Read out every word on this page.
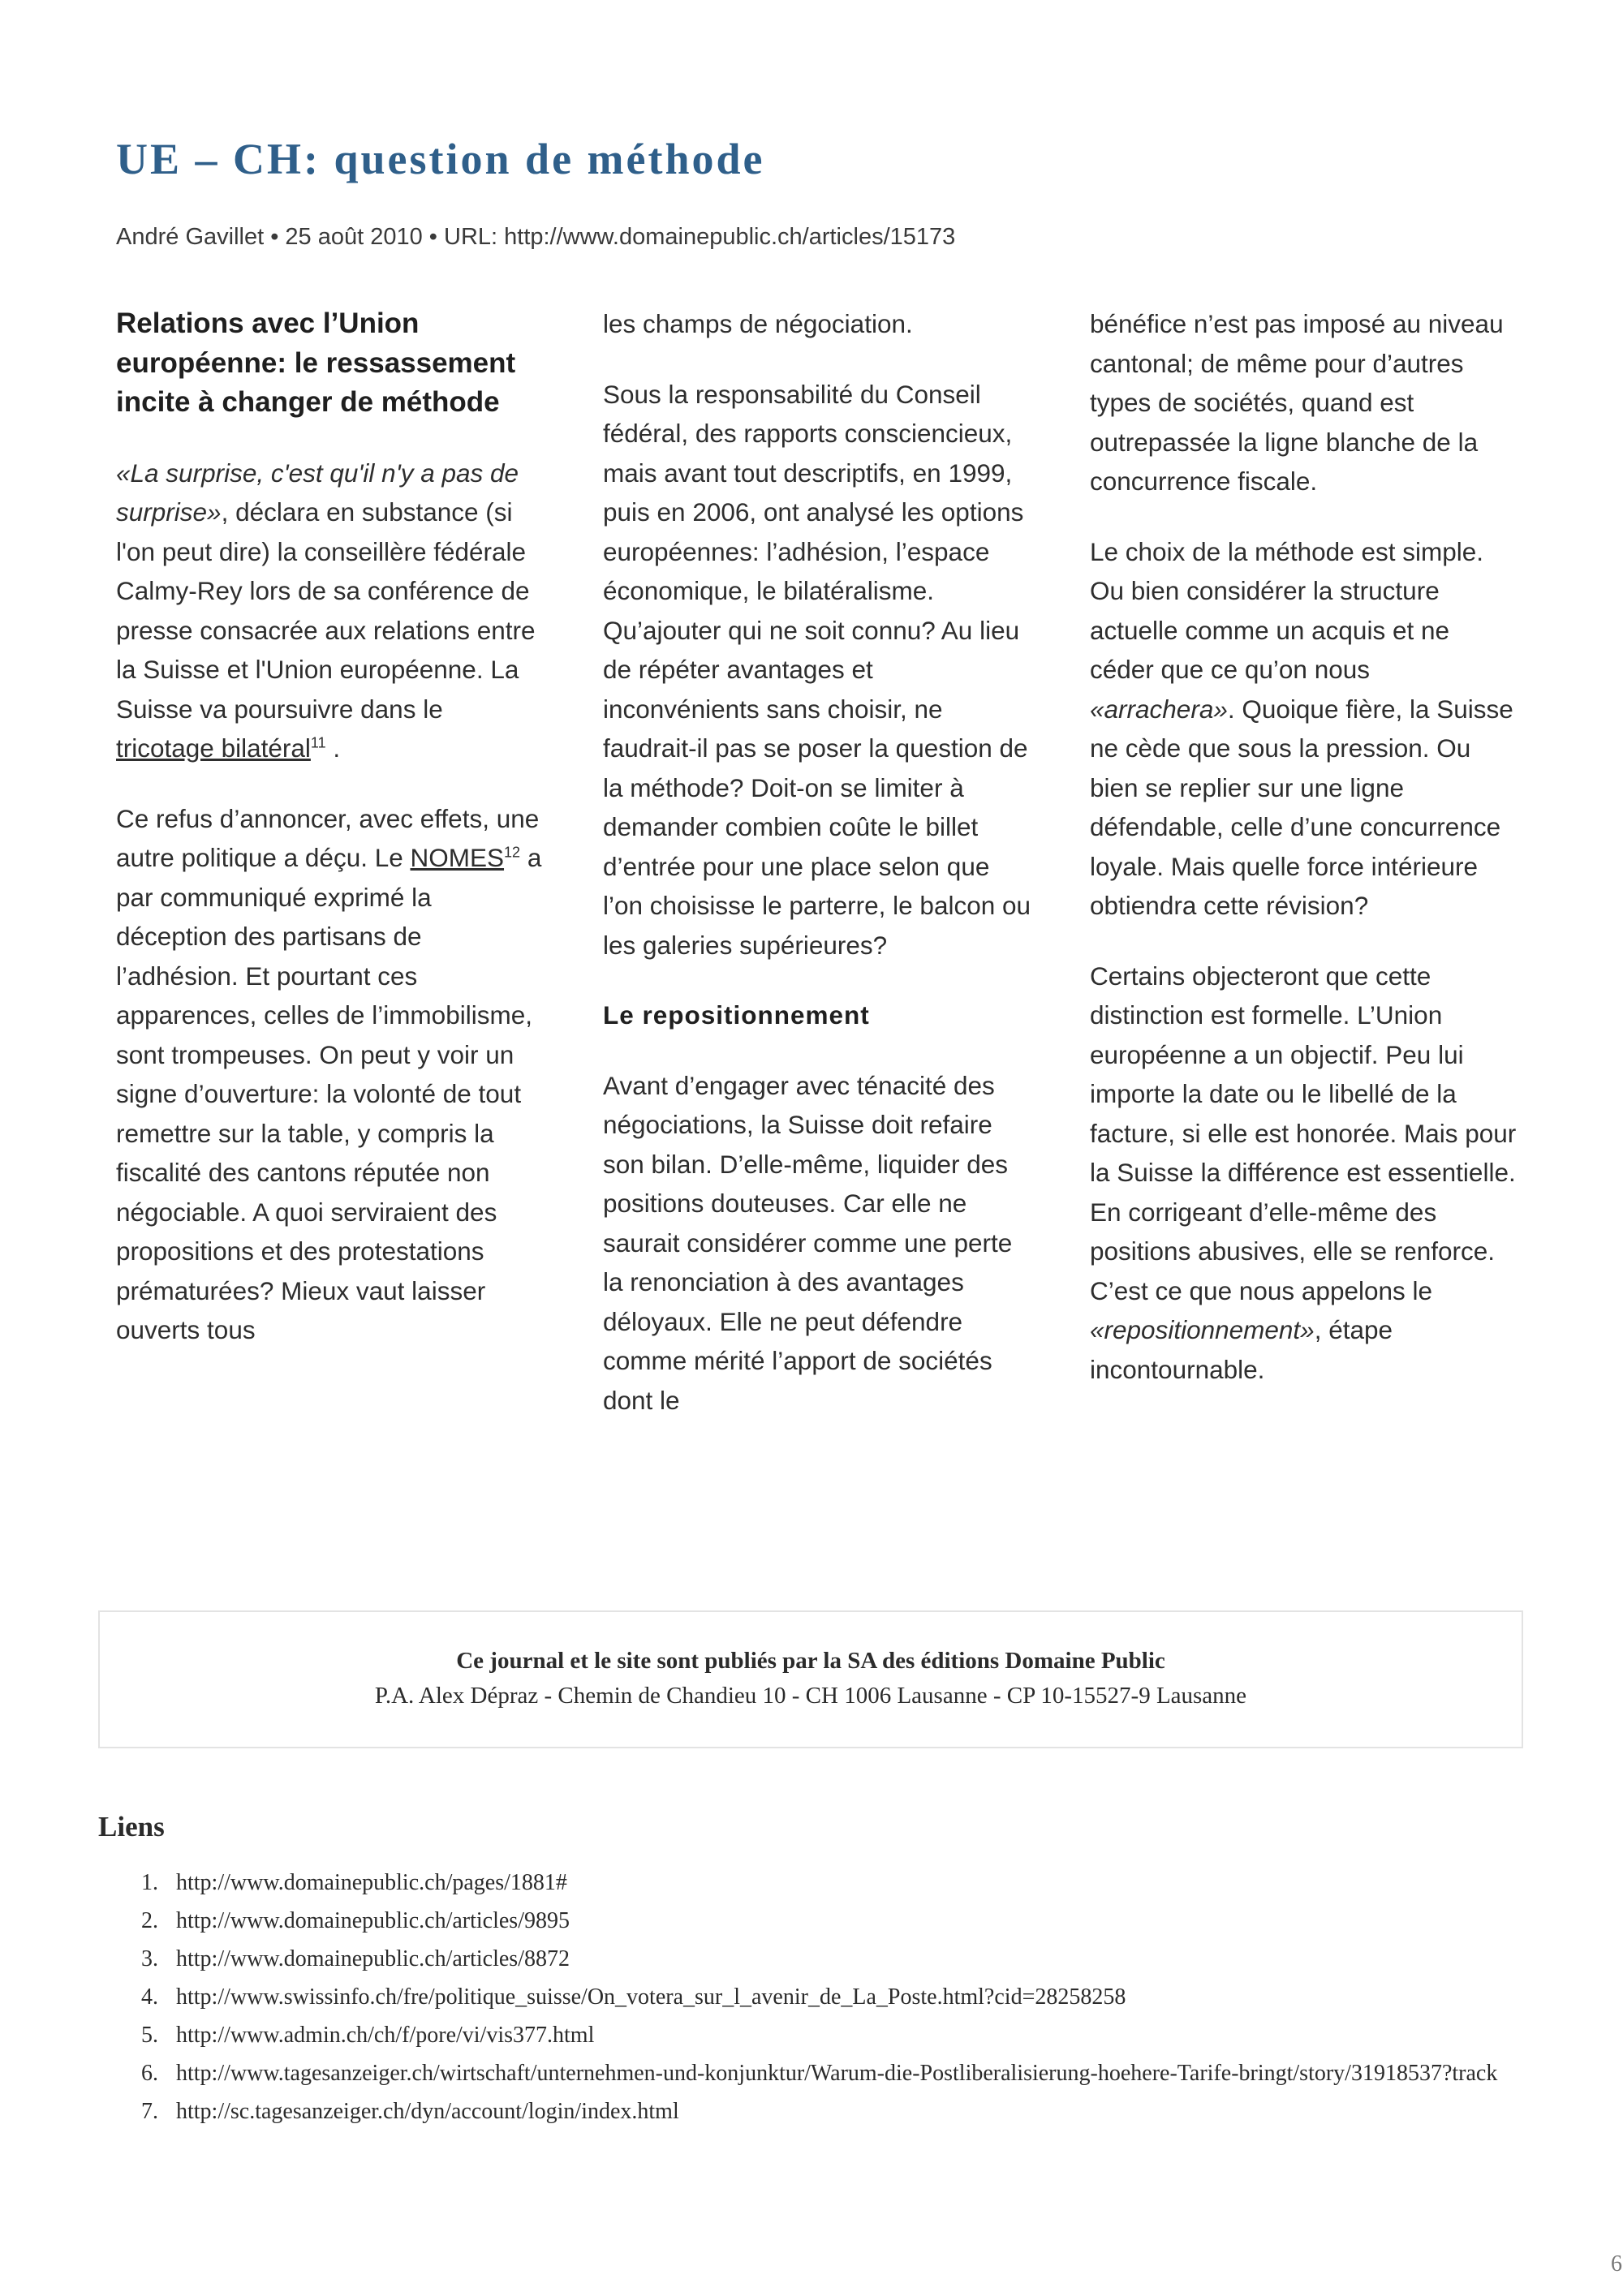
UE – CH: question de méthode
André Gavillet • 25 août 2010 • URL: http://www.domainepublic.ch/articles/15173
Relations avec l’Union européenne: le ressassement incite à changer de méthode

«La surprise, c'est qu'il n'y a pas de surprise», déclara en substance (si l'on peut dire) la conseillère fédérale Calmy-Rey lors de sa conférence de presse consacrée aux relations entre la Suisse et l'Union européenne. La Suisse va poursuivre dans le tricotage bilatéral$^{11}$ .

Ce refus d’annoncer, avec effets, une autre politique a déçu. Le NOMES$^{12}$ a par communiqué exprimé la déception des partisans de l’adhésion. Et pourtant ces apparences, celles de l’immobilisme, sont trompeuses. On peut y voir un signe d’ouverture: la volonté de tout remettre sur la table, y compris la fiscalité des cantons réputée non négociable. A quoi serviraient des propositions et des protestations prématurées? Mieux vaut laisser ouverts tous

les champs de négociation.

Sous la responsabilité du Conseil fédéral, des rapports consciencieux, mais avant tout descriptifs, en 1999, puis en 2006, ont analysé les options européennes: l’adhésion, l’espace économique, le bilatéralisme. Qu’ajouter qui ne soit connu? Au lieu de répéter avantages et inconvénients sans choisir, ne faudrait-il pas se poser la question de la méthode? Doit-on se limiter à demander combien coûte le billet d’entrée pour une place selon que l’on choisisse le parterre, le balcon ou les galeries supérieures?

Le repositionnement

Avant d’engager avec ténacité des négociations, la Suisse doit refaire son bilan. D’elle-même, liquider des positions douteuses. Car elle ne saurait considérer comme une perte la renonciation à des avantages déloyaux. Elle ne peut défendre comme mérité l’apport de sociétés dont le

bénéfice n’est pas imposé au niveau cantonal; de même pour d’autres types de sociétés, quand est outrepassée la ligne blanche de la concurrence fiscale.

Le choix de la méthode est simple. Ou bien considérer la structure actuelle comme un acquis et ne céder que ce qu’on nous «arrachera». Quoique fière, la Suisse ne cède que sous la pression. Ou bien se replier sur une ligne défendable, celle d’une concurrence loyale. Mais quelle force intérieure obtiendra cette révision?

Certains objecteront que cette distinction est formelle. L’Union européenne a un objectif. Peu lui importe la date ou le libellé de la facture, si elle est honorée. Mais pour la Suisse la différence est essentielle. En corrigeant d’elle-même des positions abusives, elle se renforce. C’est ce que nous appelons le «repositionnement», étape incontournable.

Ce journal et le site sont publiés par la SA des éditions Domaine Public
P.A. Alex Dépraz - Chemin de Chandieu 10 - CH 1006 Lausanne - CP 10-15527-9 Lausanne
Liens
1. http://www.domainepublic.ch/pages/1881#
2. http://www.domainepublic.ch/articles/9895
3. http://www.domainepublic.ch/articles/8872
4. http://www.swissinfo.ch/fre/politique_suisse/On_votera_sur_l_avenir_de_La_Poste.html?cid=28258258
5. http://www.admin.ch/ch/f/pore/vi/vis377.html
6. http://www.tagesanzeiger.ch/wirtschaft/unternehmen-und-konjunktur/Warum-die-Postliberalisierung-hoehere-Tarife-bringt/story/31918537?track
7. http://sc.tagesanzeiger.ch/dyn/account/login/index.html
6
